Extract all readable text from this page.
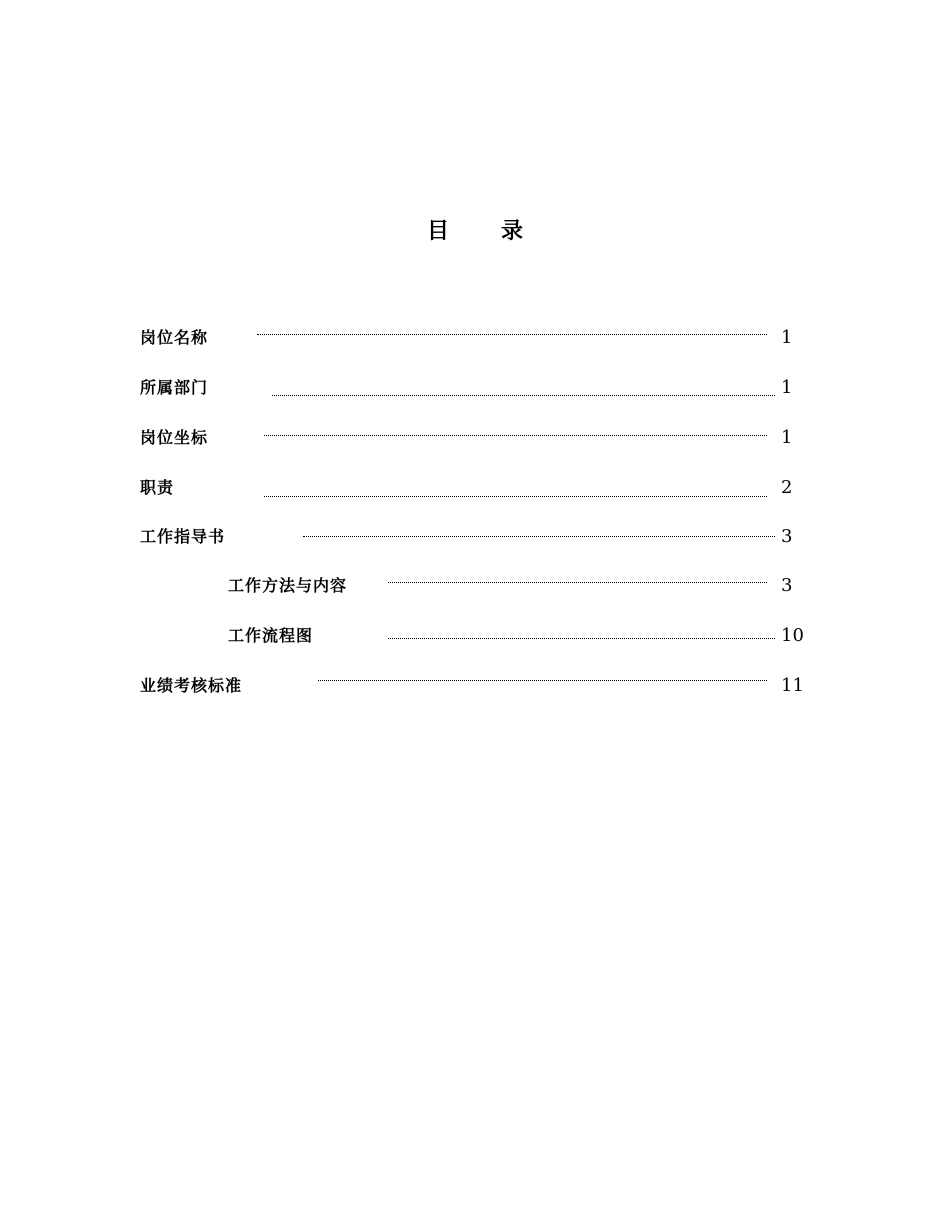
目 录
岗位名称	1
所属部门	1
岗位坐标	1
职责	2
工作指导书	3
工作方法与内容	3
工作流程图	10
业绩考核标准	11
